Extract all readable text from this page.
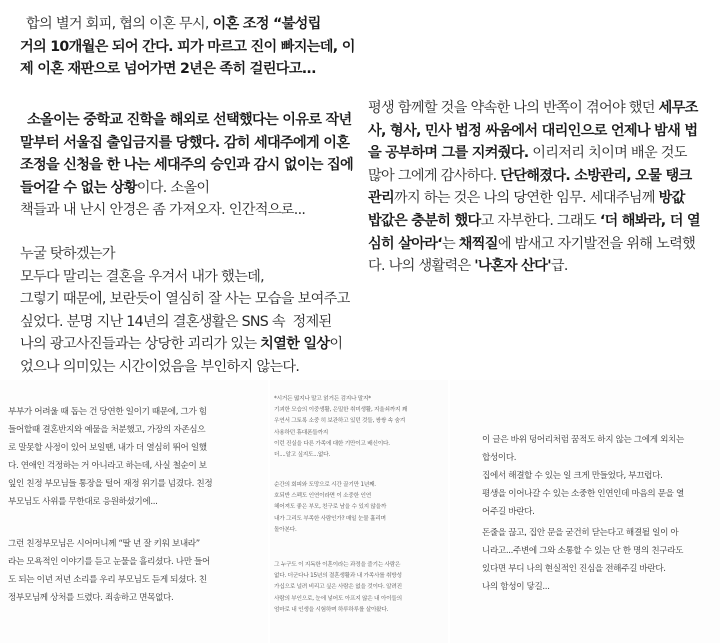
합의 별거 회피, 협의 이혼 무시, 이혼 조정 “불성립
거의 10개월은 되어 간다. 피가 마르고 진이 빠지는데, 이
제 이혼 재판으로 넘어가면 2년은 족히 걸린다고...
소올이는 중학교 진학을 해외로 선택했다는 이유로 작년
말부터 서울집 출입금지를 당했다. 감히 세대주에게 이혼
조정을 신청을 한 나는 세대주의 승인과 감시 없이는 집에
들어갈 수 없는 상황이다. 소올이
책들과 내 난시 안경은 좀 가져오자. 인간적으로...
누굴 탓하겠는가
모두다 말리는 결혼을 우겨서 내가 했는데,
그렇기 때문에, 보란듯이 열심히 잘 사는 모습을 보여주고
싶었다. 분명 지난 14년의 결혼생활은 SNS 속  정제된
나의 광고사진들과는 상당한 괴리가 있는 치열한 일상이
었으나 의미있는 시간이었음을 부인하지 않는다.
평생 함께할 것을 약속한 나의 반쪽이 겪어야 했던 세무조
사, 형사, 민사 법정 싸움에서 대리인으로 언제나 밤새 법
을 공부하며 그를 지켜줬다. 이리저리 치이며 배운 것도
많아 그에게 감사하다. 단단해졌다. 소방관리, 오물 탱크
관리까지 하는 것은 나의 당연한 임무. 세대주님께 방값
밥값은 충분히 했다고 자부한다. 그래도 ‘더 해봐라, 더 열
심히 살아라‘는 채찍질에 밤새고 자기발전을 위해 노력했
다. 나의 생활력은 '나혼자 산다'급.
부부가 어려울 때 돕는 건 당연한 일이기 때문에, 그가 힘
들어할때 결혼반지와 예물을 처분했고, 가장의 자존심으
로 말못할 사정이 있어 보일땐, 내가 더 열심히 뛰어 일했
다. 연애인 걱정하는 거 아니라고 하는데, 사실 철순이 보
잎인 친정 부모님들 통장을 털어 재정 위기를 넘겼다. 친정
부모님도 사위를 무한대로 응원하셨기에...
그런 친정부모님은 시어머니께 “딸 년 잘 키워 보내라”
라는 모욕적인 이야기를 듣고 눈물을 흘리셨다. 나만 들어
도 되는 이년 저년 소리를 우리 부모님도 듣게 되셨다. 친
정부모님께 상처를 드렸다. 죄송하고 면목없다.
*시거든 떫지나 말고 얽거든 검지나 말지*
기괴한 모습의 이중생활, 은밀한 취미생활, 지울쇠까지 꽤
우연서 그토록 소중 히 보관하고 있던 것들, 쌍쌍 속 숨겨
사용하던 휴대폰들까지
이런 진실을 다른 가족에 대한 기만이고 배신이다.
더....알고 싶지도...없다.
순간의 회피와 도망으로 시간 끌기만 1년째.
호되반 스펙도 인연이라면 이 소중한 인연
헤어져도 좋은 부모, 친구로 남을 수 있지 않을까
내가 그리도 부족한 사람인가? 매일 눈물 흘리며
돌아본다.
그 누구도 이 지독한 이혼이라는 과정을 즐기는 사람은
없다. 더군다나 15년의 결혼생활과 내 가족사를 취방성
가십으로 널려 비리고 싶은 사람은 없을 것이다. 알려진
사람의 부인으로, 눈에 넣어도 아프지 않은 내 아이들의
엄마로 내 인생을 시험하며 하루하루를 살아왔다.
이 글은 바위 덩어리처럼 꿈적도 하지 않는 그에게 외치는
합성이다.
집에서 해결할 수 있는 일 크게 만들었다, 부끄럽다.
평생을 이어나갈 수 있는 소중한 인연인데 마음의 문을 열
어주길 바란다.
돈줄을 끊고, 집안 문을 굳건히 닫는다고 해결될 일이 아
니라고...주변에 그와 소통할 수 있는 단 한 명의 친구라도
있다면 부디 나의 현실적인 진심을 전해주길 바란다.
나의 함성이 닿길...
